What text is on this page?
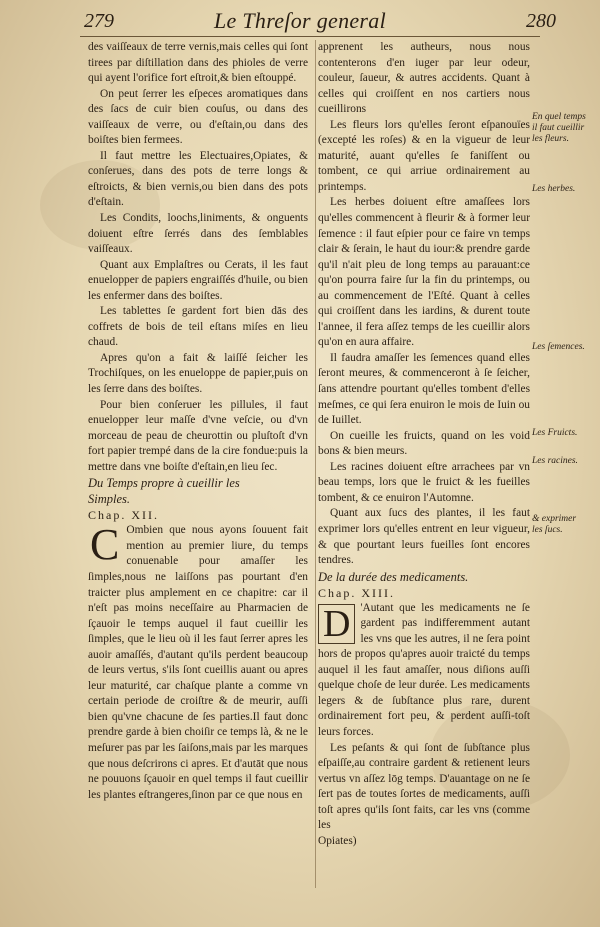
279	Le Threſor general	280

des vaiſſeaux de terre vernis,mais celles qui ſont tirees par diſtillation dans des phioles de verre qui ayent l'orifice fort eſtroit,& bien eſtouppé.

On peut ſerrer les eſpeces aromatiques dans des ſacs de cuir bien couſus, ou dans des vaiſſeaux de verre, ou d'eſtain,ou dans des boiſtes bien fermees.

Il faut mettre les Electuaires,Opiates, & conſerues, dans des pots de terre longs & eſtroicts, & bien vernis,ou bien dans des pots d'eſtain.

Les Condits, loochs,liniments, & onguents doiuent eſtre ſerrés dans des ſemblables vaiſſeaux.

Quant aux Emplaſtres ou Cerats, il les faut enuelopper de papiers engraiſſés d'huile, ou bien les enfermer dans des boiſtes.

Les tablettes ſe gardent fort bien dās des coffrets de bois de teil eſtans miſes en lieu chaud.

Apres qu'on a fait & laiſſé ſeicher les Trochiſques, on les enueloppe de papier,puis on les ſerre dans des boiſtes.

Pour bien conſeruer les pillules, il faut enuelopper leur maſſe d'vne veſcie, ou d'vn morceau de peau de cheurottin ou pluſtoſt d'vn fort papier trempé dans de la cire fondue:puis la mettre dans vne boiſte d'eſtain,en lieu ſec.

Du Temps propre à cueillir les

Simples.

Chap. XII.

C Ombien que nous ayons ſouuent fait mention au premier liure, du temps conuenable pour amaſſer les ſimples,nous ne laiſſons pas pourtant d'en traicter plus amplement en ce chapitre: car il n'eſt pas moins neceſſaire au Pharmacien de ſçauoir le temps auquel il faut cueillir les ſimples, que le lieu où il les faut ſerrer apres les auoir amaſſés, d'autant qu'ils perdent beaucoup de leurs vertus, s'ils ſont cueillis auant ou apres leur maturité, car chaſque plante a comme vn certain periode de croiſtre & de meurir, auſſi bien qu'vne chacune de ſes parties.Il faut donc prendre garde à bien choiſir ce temps là, & ne le meſurer pas par les ſaiſons,mais par les marques que nous deſcrirons ci apres. Et d'autāt que nous ne pouuons ſçauoir en quel temps il faut cueillir les plantes eſtrangeres,ſinon par ce que nous en

apprenent les autheurs, nous nous contenterons d'en iuger par leur odeur, couleur, ſaueur, & autres accidents. Quant à celles qui croiſſent en nos cartiers nous cueillirons

Les fleurs lors qu'elles ſeront eſpanouïes (excepté les roſes) & en la vigueur de leur maturité, auant qu'elles ſe faniſſent ou tombent, ce qui arriue ordinairement au printemps.

Les herbes doiuent eſtre amaſſees lors qu'elles commencent à fleurir & à former leur ſemence : il faut eſpier pour ce faire vn temps clair & ſerain, le haut du iour:& prendre garde qu'il n'ait pleu de long temps au parauant:ce qu'on pourra faire ſur la fin du printemps, ou au commencement de l'Eſté. Quant à celles qui croiſſent dans les iardins, & durent toute l'annee, il fera aſſez temps de les cueillir alors qu'on en aura affaire.

Il faudra amaſſer les ſemences quand elles ſeront meures, & commenceront à ſe ſeicher, ſans attendre pourtant qu'elles tombent d'elles meſmes, ce qui ſera enuiron le mois de Iuin ou de Iuillet.

On cueille les fruicts, quand on les void bons & bien meurs.

Les racines doiuent eſtre arrachees par vn beau temps, lors que le fruict & les fueilles tombent, & ce enuiron l'Automne.

Quant aux ſucs des plantes, il les faut exprimer lors qu'elles entrent en leur vigueur, & que pourtant leurs fueilles ſont encores tendres.

De la durée des medicaments.

Chap. XIII.

D 'Autant que les medicaments ne ſe gardent pas indifferemment autant les vns que les autres, il ne ſera point hors de propos qu'apres auoir traicté du temps auquel il les faut amaſſer, nous diſions auſſi quelque choſe de leur durée. Les medicaments legers & de ſubſtance plus rare, durent ordinairement fort peu, & perdent auſſi-toſt leurs forces.

Les peſants & qui ſont de ſubſtance plus eſpaiſſe,au contraire gardent & retienent leurs vertus vn aſſez lōg temps. D'auantage on ne ſe ſert pas de toutes ſortes de medicaments, auſſi toſt apres qu'ils ſont faits, car les vns (comme les

Opiates)

En quel temps il faut cueillir les fleurs.
Les herbes.
Les ſemences.
Les Fruicts.
Les racines.
& exprimer les ſucs.
